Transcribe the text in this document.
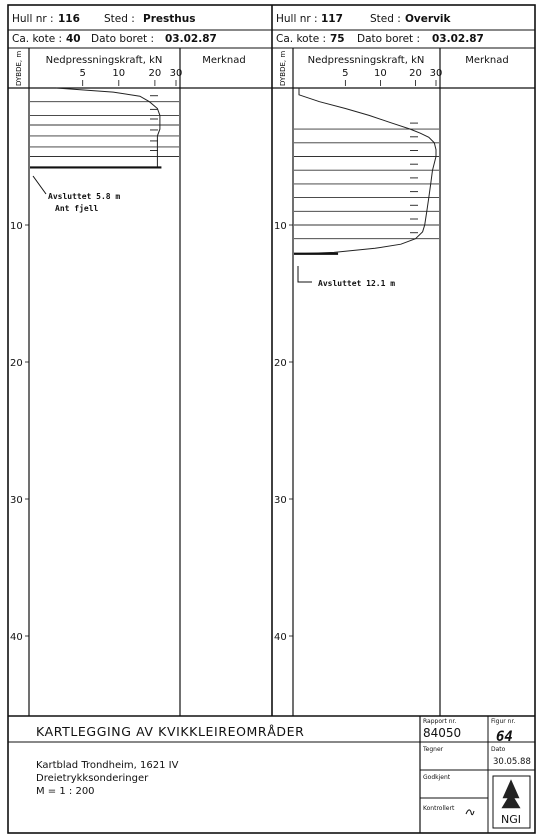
Hull nr : 116 Sted : Presthus
Ca. kote : 40 Dato boret : 03.02.87
DYBDE, m Nedpressningskraft, kN	Merknad
5	10 20 30
10
20
30
40
Avsluttet 5.8 m
Ant fjell
Hull nr : 117	Sted : Overvik
Ca. kote : 75 Dato boret : 03.02.87
DYBDE, m Nedpressningskraft, kN	Merknad
5	10 20 30
10
20
30
40
Avsluttet 12.1 m
KARTLEGGING AV KVIKKLEIREOMRÅDER
Kartblad Trondheim, 1621 IV
Dreietrykksonderinger
M = 1 : 200
Rapport nr.
84050
Figur nr.
64
Tegner	Dato
30.05.88
Godkjent
Kontrollert
NGI
